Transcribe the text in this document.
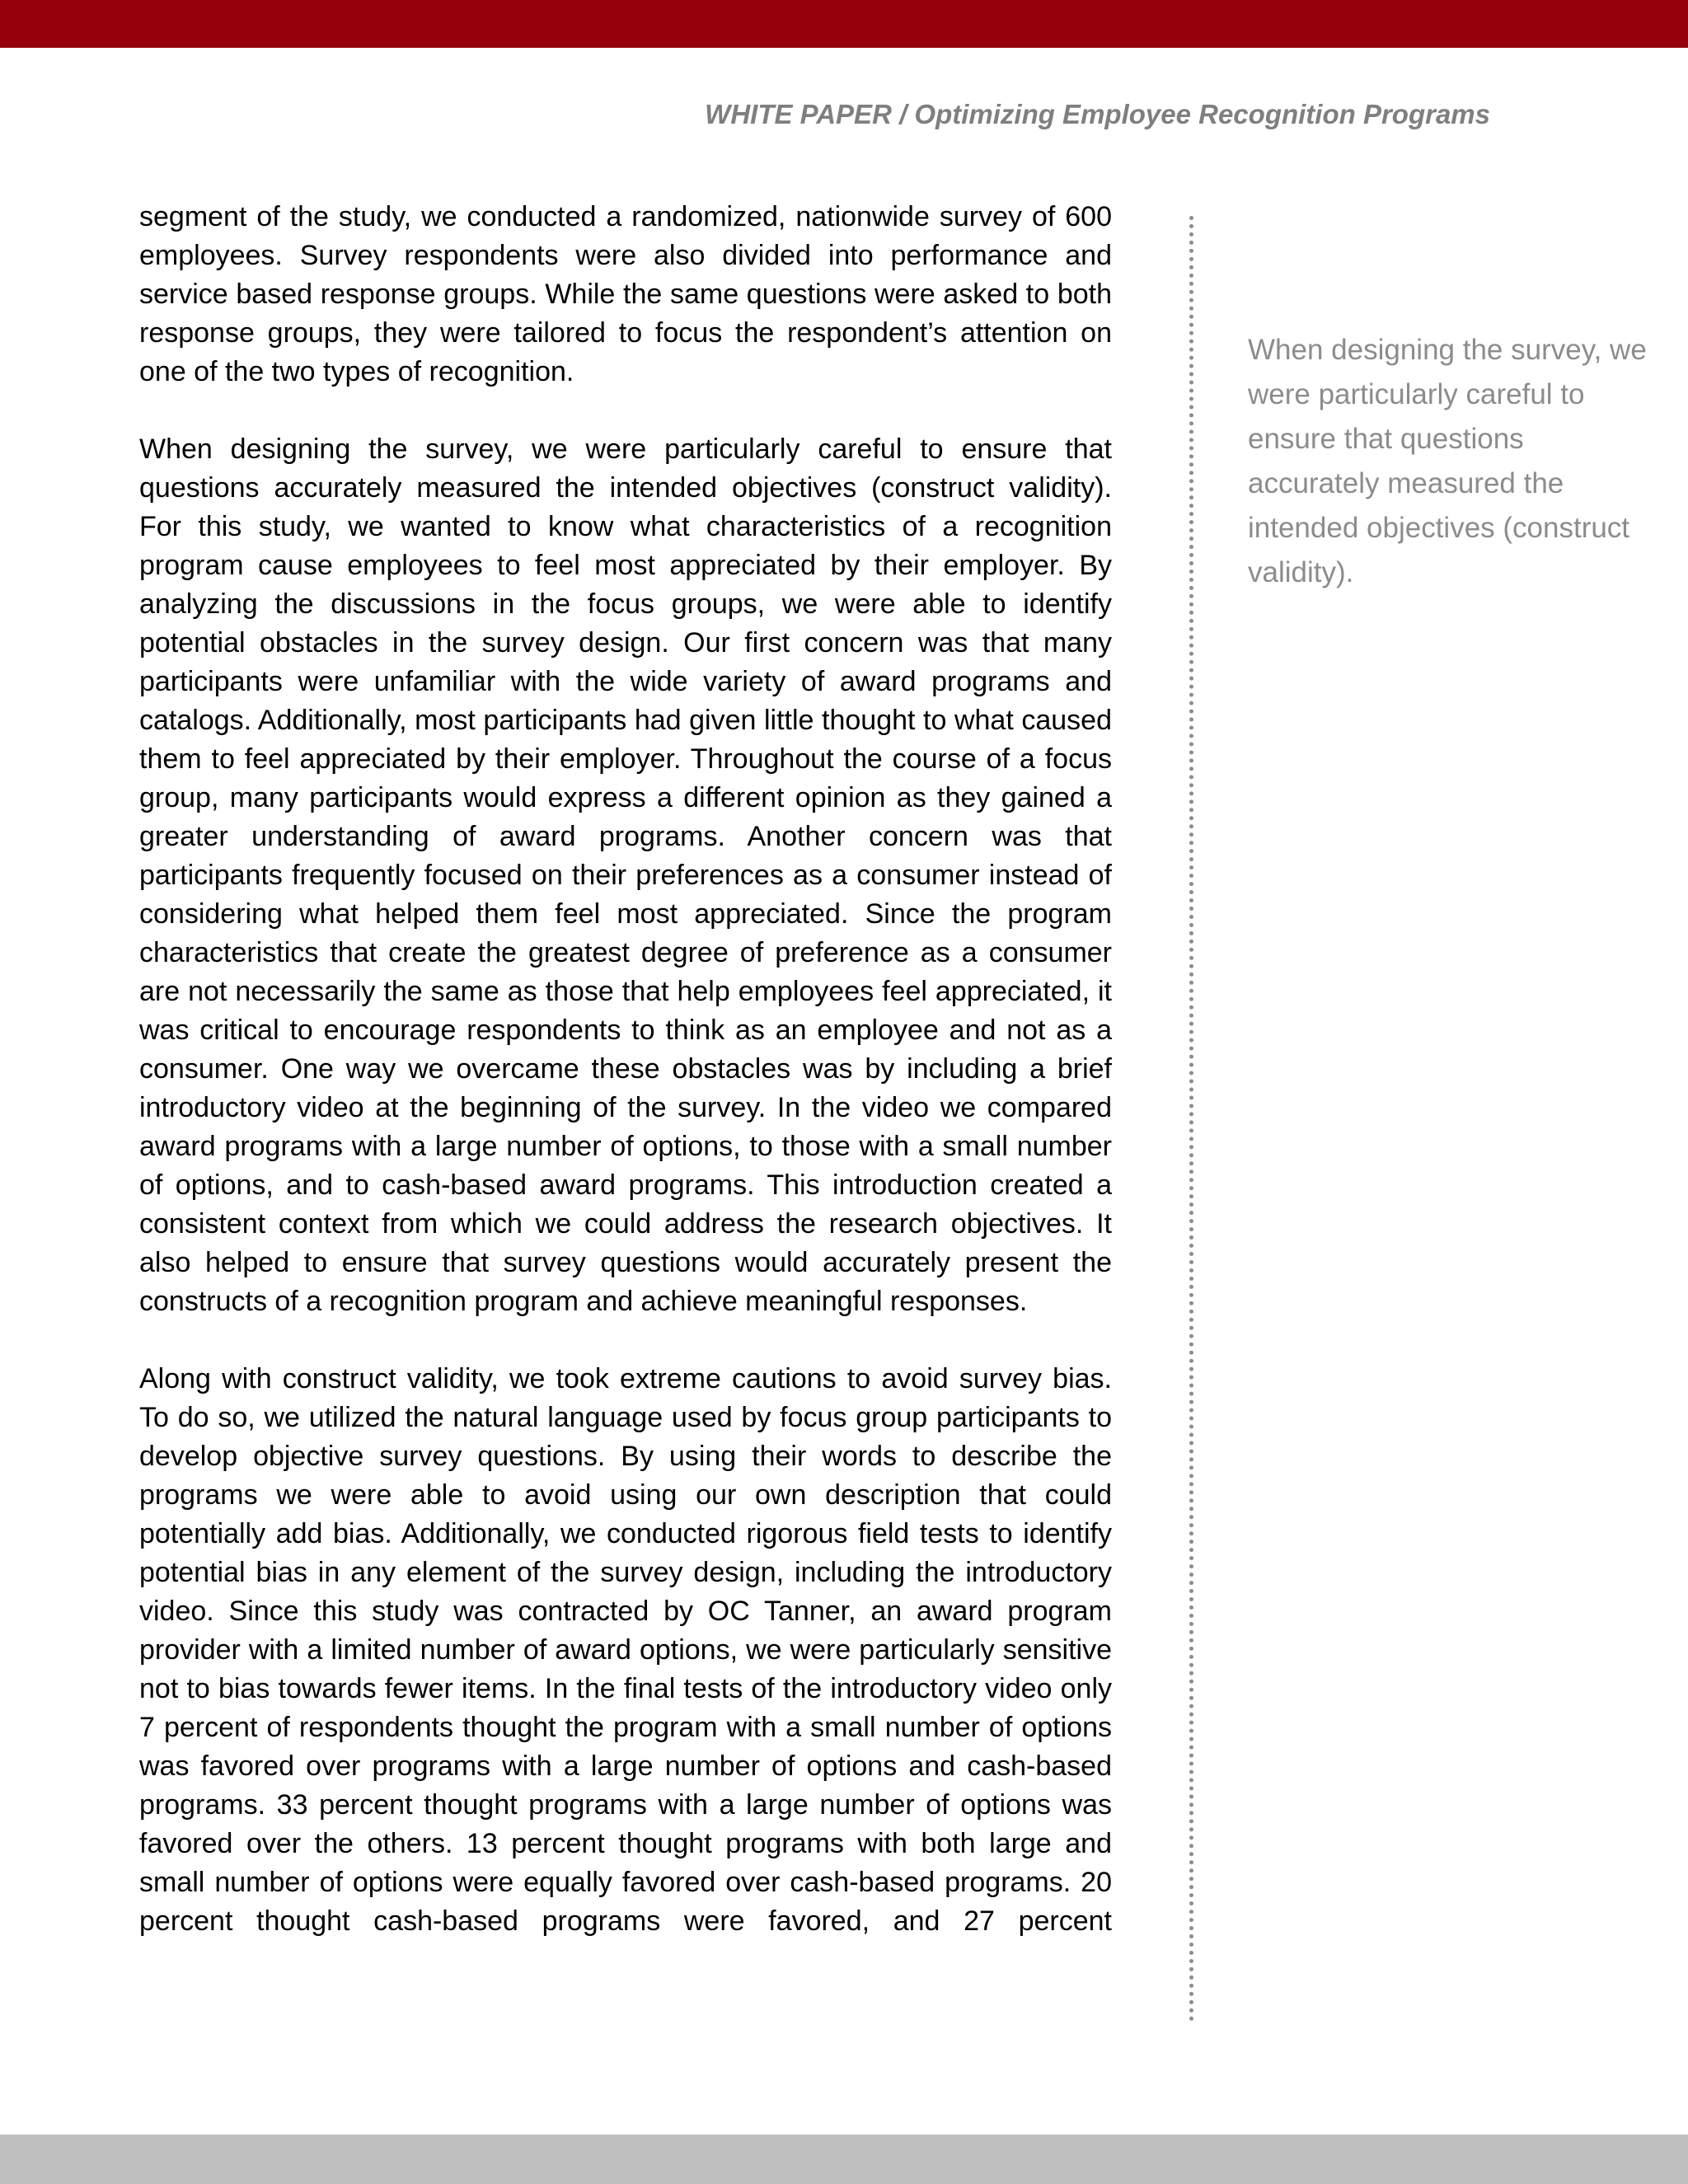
WHITE PAPER / Optimizing Employee Recognition Programs

segment of the study, we conducted a randomized, nationwide survey of 600 employees. Survey respondents were also divided into performance and service based response groups. While the same questions were asked to both response groups, they were tailored to focus the respondent’s attention on one of the two types of recognition.

When designing the survey, we were particularly careful to ensure that questions accurately measured the intended objectives (construct validity). For this study, we wanted to know what characteristics of a recognition program cause employees to feel most appreciated by their employer. By analyzing the discussions in the focus groups, we were able to identify potential obstacles in the survey design. Our first concern was that many participants were unfamiliar with the wide variety of award programs and catalogs. Additionally, most participants had given little thought to what caused them to feel appreciated by their employer. Throughout the course of a focus group, many participants would express a different opinion as they gained a greater understanding of award programs. Another concern was that participants frequently focused on their preferences as a consumer instead of considering what helped them feel most appreciated. Since the program characteristics that create the greatest degree of preference as a consumer are not necessarily the same as those that help employees feel appreciated, it was critical to encourage respondents to think as an employee and not as a consumer. One way we overcame these obstacles was by including a brief introductory video at the beginning of the survey. In the video we compared award programs with a large number of options, to those with a small number of options, and to cash-based award programs. This introduction created a consistent context from which we could address the research objectives. It also helped to ensure that survey questions would accurately present the constructs of a recognition program and achieve meaningful responses.

Along with construct validity, we took extreme cautions to avoid survey bias. To do so, we utilized the natural language used by focus group participants to develop objective survey questions. By using their words to describe the programs we were able to avoid using our own description that could potentially add bias. Additionally, we conducted rigorous field tests to identify potential bias in any element of the survey design, including the introductory video. Since this study was contracted by OC Tanner, an award program provider with a limited number of award options, we were particularly sensitive not to bias towards fewer items. In the final tests of the introductory video only 7 percent of respondents thought the program with a small number of options was favored over programs with a large number of options and cash-based programs. 33 percent thought programs with a large number of options was favored over the others. 13 percent thought programs with both large and small number of options were equally favored over cash-based programs. 20 percent thought cash-based programs were favored, and 27 percent

When designing the survey, we were particularly careful to ensure that questions accurately measured the intended objectives (construct validity).
